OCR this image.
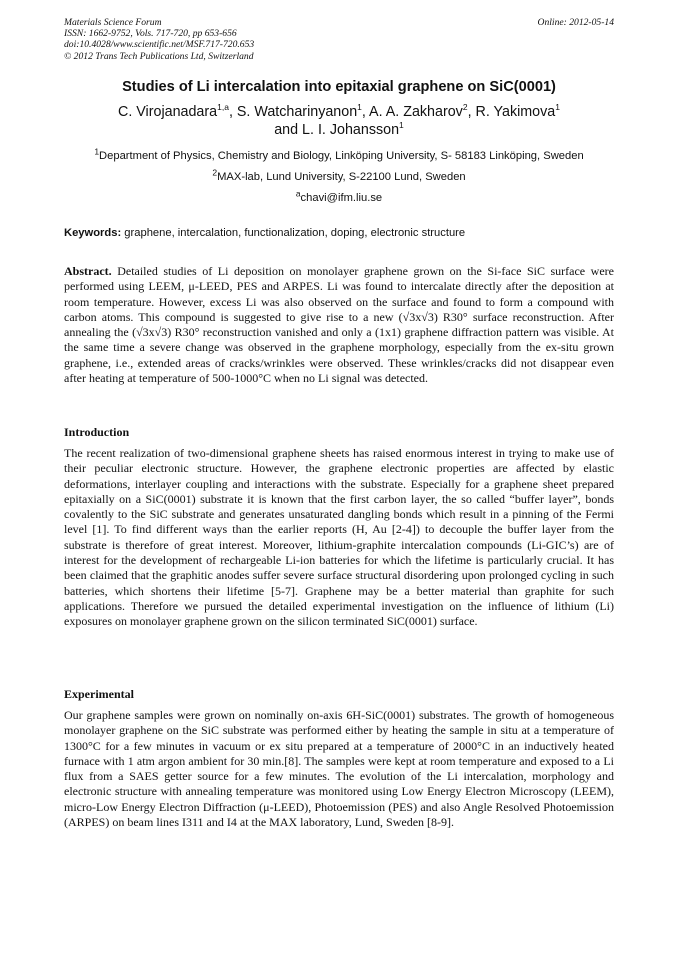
Materials Science Forum
ISSN: 1662-9752, Vols. 717-720, pp 653-656
doi:10.4028/www.scientific.net/MSF.717-720.653
© 2012 Trans Tech Publications Ltd, Switzerland
Online: 2012-05-14
Studies of Li intercalation into epitaxial graphene on SiC(0001)
C. Virojanadara$^{1,a}$, S. Watcharinyanon$^1$, A. A. Zakharov$^2$, R. Yakimova$^1$
and L. I. Johansson$^1$
$^1$Department of Physics, Chemistry and Biology, Linköping University, S- 58183 Linköping, Sweden
$^2$MAX-lab, Lund University, S-22100 Lund, Sweden
$^a$chavi@ifm.liu.se
Keywords: graphene, intercalation, functionalization, doping, electronic structure
Abstract. Detailed studies of Li deposition on monolayer graphene grown on the Si-face SiC surface were performed using LEEM, μ-LEED, PES and ARPES. Li was found to intercalate directly after the deposition at room temperature. However, excess Li was also observed on the surface and found to form a compound with carbon atoms. This compound is suggested to give rise to a new (√3x√3) R30° surface reconstruction. After annealing the (√3x√3) R30° reconstruction vanished and only a (1x1) graphene diffraction pattern was visible. At the same time a severe change was observed in the graphene morphology, especially from the ex-situ grown graphene, i.e., extended areas of cracks/wrinkles were observed. These wrinkles/cracks did not disappear even after heating at temperature of 500-1000°C when no Li signal was detected.
Introduction
The recent realization of two-dimensional graphene sheets has raised enormous interest in trying to make use of their peculiar electronic structure. However, the graphene electronic properties are affected by elastic deformations, interlayer coupling and interactions with the substrate. Especially for a graphene sheet prepared epitaxially on a SiC(0001) substrate it is known that the first carbon layer, the so called “buffer layer”, bonds covalently to the SiC substrate and generates unsaturated dangling bonds which result in a pinning of the Fermi level [1]. To find different ways than the earlier reports (H, Au [2-4]) to decouple the buffer layer from the substrate is therefore of great interest. Moreover, lithium-graphite intercalation compounds (Li-GIC’s) are of interest for the development of rechargeable Li-ion batteries for which the lifetime is particularly crucial. It has been claimed that the graphitic anodes suffer severe surface structural disordering upon prolonged cycling in such batteries, which shortens their lifetime [5-7]. Graphene may be a better material than graphite for such applications. Therefore we pursued the detailed experimental investigation on the influence of lithium (Li) exposures on monolayer graphene grown on the silicon terminated SiC(0001) surface.
Experimental
Our graphene samples were grown on nominally on-axis 6H-SiC(0001) substrates. The growth of homogeneous monolayer graphene on the SiC substrate was performed either by heating the sample in situ at a temperature of 1300°C for a few minutes in vacuum or ex situ prepared at a temperature of 2000°C in an inductively heated furnace with 1 atm argon ambient for 30 min.[8]. The samples were kept at room temperature and exposed to a Li flux from a SAES getter source for a few minutes. The evolution of the Li intercalation, morphology and electronic structure with annealing temperature was monitored using Low Energy Electron Microscopy (LEEM), micro-Low Energy Electron Diffraction (μ-LEED), Photoemission (PES) and also Angle Resolved Photoemission (ARPES) on beam lines I311 and I4 at the MAX laboratory, Lund, Sweden [8-9].
